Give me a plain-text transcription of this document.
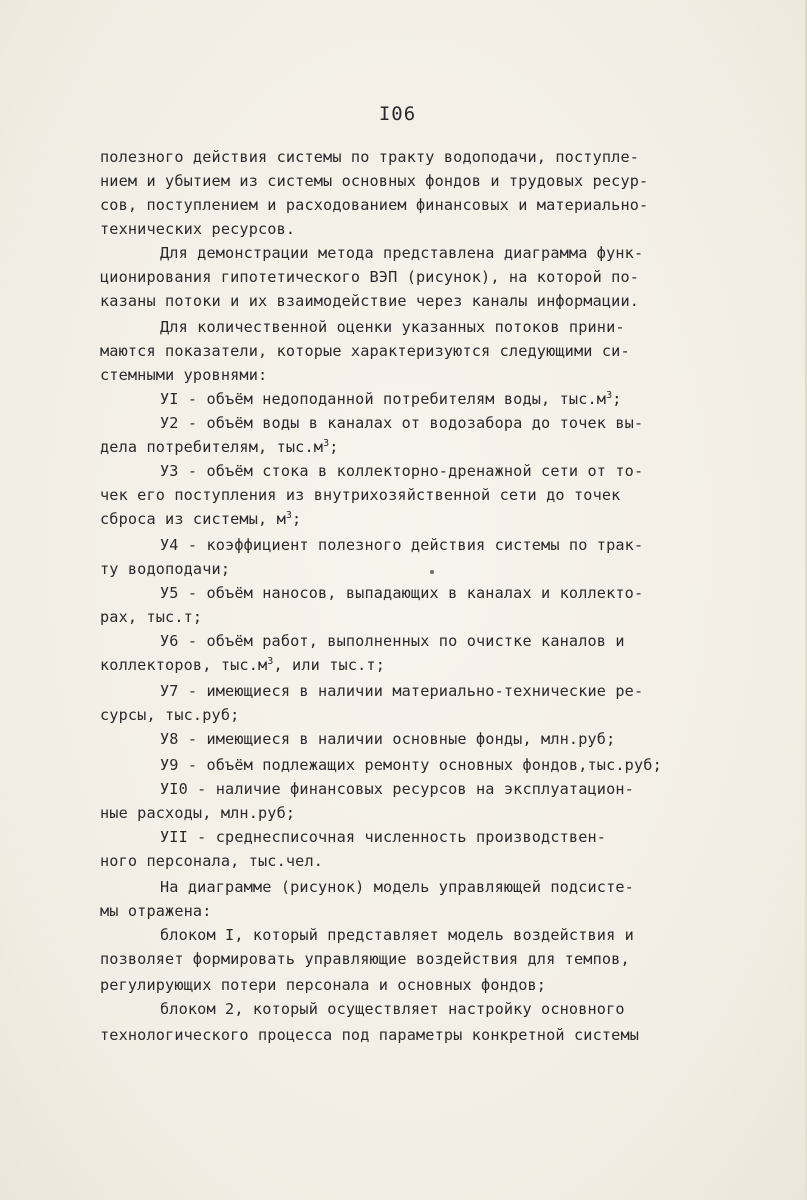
I06
полезного действия системы по тракту водоподачи, поступле-
нием и убытием из системы основных фондов и трудовых ресур-
сов, поступлением и расходованием финансовых и материально-
технических ресурсов.
Для демонстрации метода представлена диаграмма функ-
ционирования гипотетического ВЭП (рисунок), на которой по-
казаны потоки и их взаимодействие через каналы информации.
Для количественной оценки указанных потоков прини-
маются показатели, которые характеризуются следующими си-
стемными уровнями:
УI - объём недоподанной потребителям воды, $тыс.м^3$;
У2 - объём воды в каналах от водозабора до точек вы-
дела потребителям, $тыс.м^3$;
У3 - объём стока в коллекторно-дренажной сети от то-
чек его поступления из внутрихозяйственной сети до точек
сброса из системы, $м^3$;
У4 - коэффициент полезного действия системы по трак-
ту водоподачи;
У5 - объём наносов, выпадающих в каналах и коллекто-
рах, тыс.т;
У6 - объём работ, выполненных по очистке каналов и
коллекторов, $тыс.м^3$, или тыс.т;
У7 - имеющиеся в наличии материально-технические ре-
сурсы, тыс.руб;
У8 - имеющиеся в наличии основные фонды, млн.руб;
У9 - объём подлежащих ремонту основных фондов,тыс.руб;
УI0 - наличие финансовых ресурсов на эксплуатацион-
ные расходы, млн.руб;
УII - среднесписочная численность производствен-
ного персонала, тыс.чел.
На диаграмме (рисунок) модель управляющей подсисте-
мы отражена:
блоком I, который представляет модель воздействия и
позволяет формировать управляющие воздействия для темпов,
регулирующих потери персонала и основных фондов;
блоком 2, который осуществляет настройку основного
технологического процесса под параметры конкретной системы
